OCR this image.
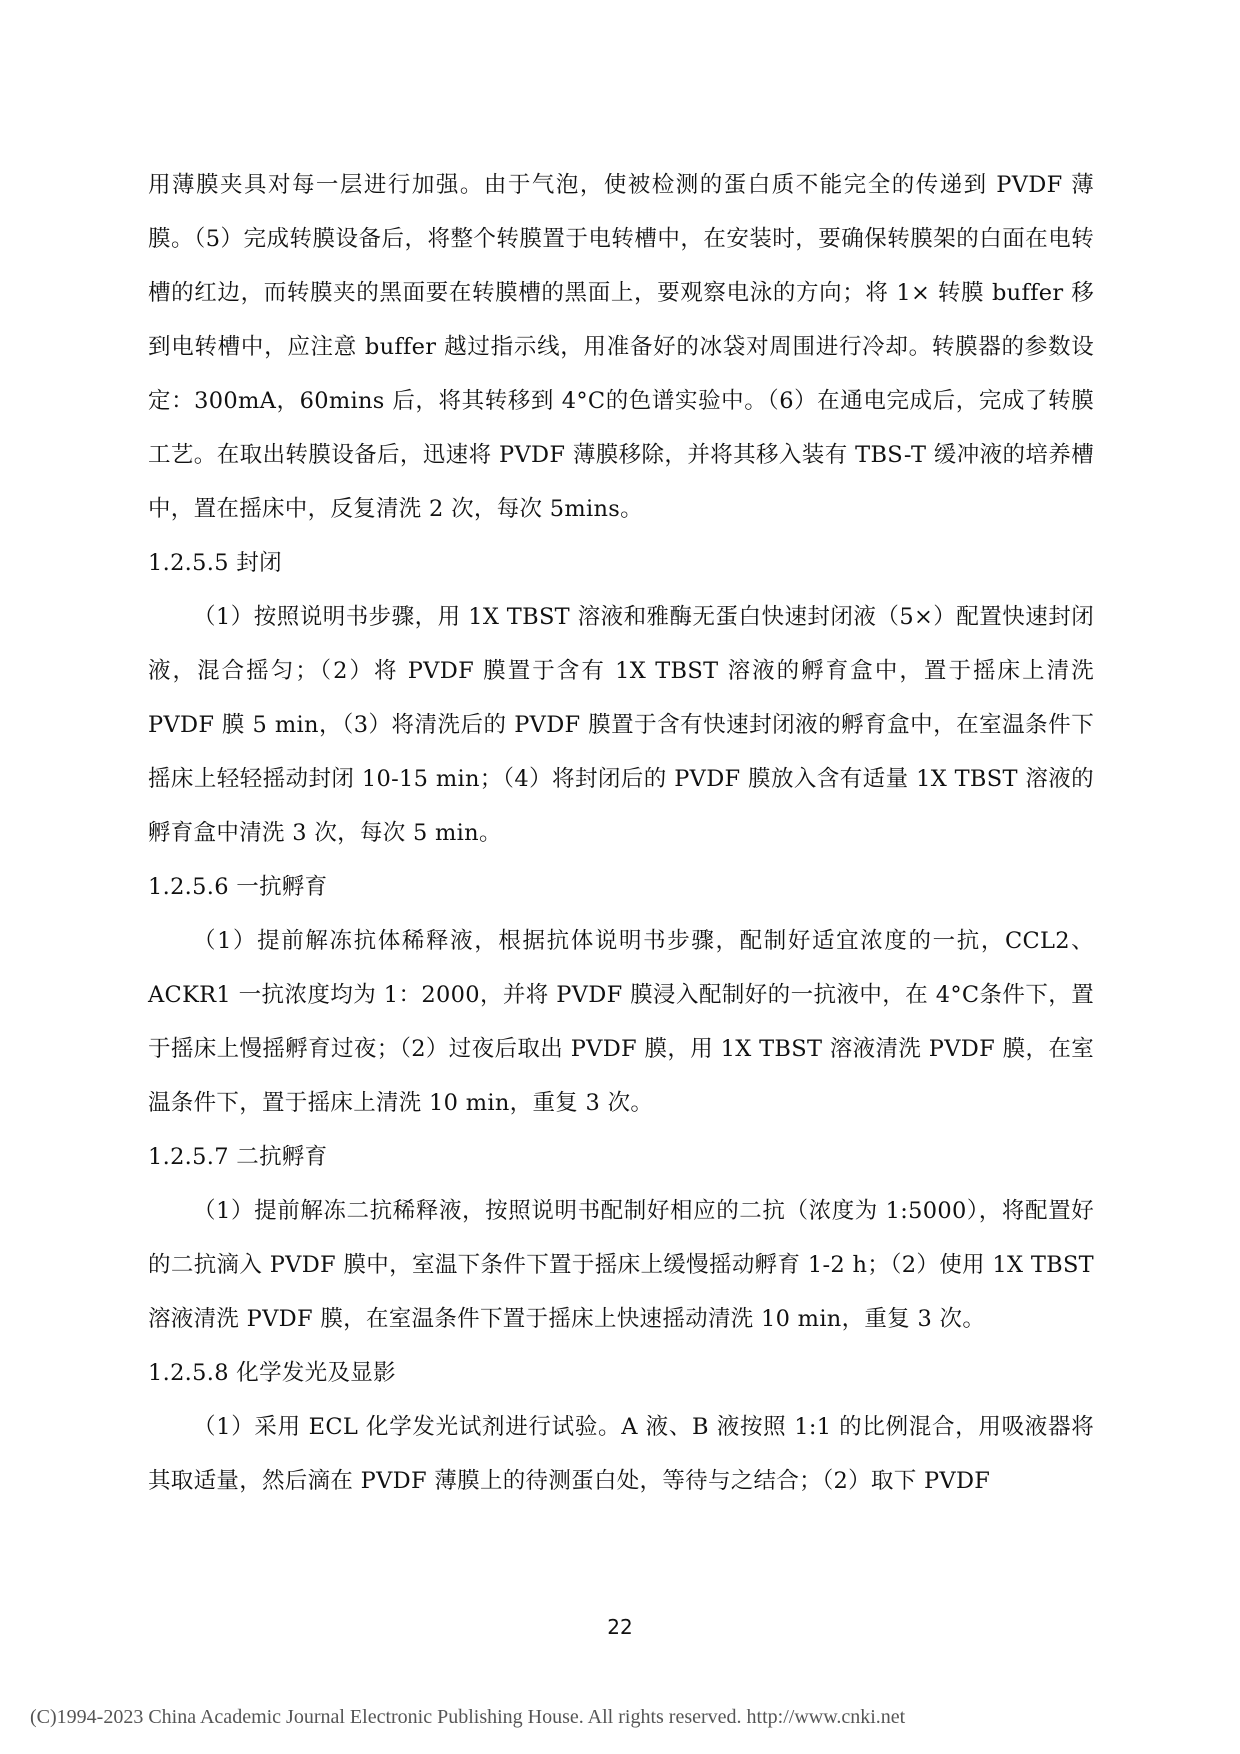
用薄膜夹具对每一层进行加强。由于气泡，使被检测的蛋白质不能完全的传递到 PVDF 薄膜。（5）完成转膜设备后，将整个转膜置于电转槽中，在安装时，要确保转膜架的白面在电转槽的红边，而转膜夹的黑面要在转膜槽的黑面上，要观察电泳的方向；将 1× 转膜 buffer 移到电转槽中，应注意 buffer 越过指示线，用准备好的冰袋对周围进行冷却。转膜器的参数设定：300mA，60mins 后，将其转移到 4°C的色谱实验中。（6）在通电完成后，完成了转膜工艺。在取出转膜设备后，迅速将 PVDF 薄膜移除，并将其移入装有 TBS-T 缓冲液的培养槽中，置在摇床中，反复清洗 2 次，每次 5mins。

1.2.5.5 封闭

（1）按照说明书步骤，用 1X TBST 溶液和雅酶无蛋白快速封闭液（5×）配置快速封闭液，混合摇匀；（2）将 PVDF 膜置于含有 1X TBST 溶液的孵育盒中，置于摇床上清洗 PVDF 膜 5 min，（3）将清洗后的 PVDF 膜置于含有快速封闭液的孵育盒中，在室温条件下摇床上轻轻摇动封闭 10-15 min；（4）将封闭后的 PVDF 膜放入含有适量 1X TBST 溶液的孵育盒中清洗 3 次，每次 5 min。

1.2.5.6 一抗孵育

（1）提前解冻抗体稀释液，根据抗体说明书步骤，配制好适宜浓度的一抗，CCL2、ACKR1 一抗浓度均为 1：2000，并将 PVDF 膜浸入配制好的一抗液中，在 4°C条件下，置于摇床上慢摇孵育过夜；（2）过夜后取出 PVDF 膜，用 1X TBST 溶液清洗 PVDF 膜，在室温条件下，置于摇床上清洗 10 min，重复 3 次。

1.2.5.7 二抗孵育

（1）提前解冻二抗稀释液，按照说明书配制好相应的二抗（浓度为 1:5000），将配置好的二抗滴入 PVDF 膜中，室温下条件下置于摇床上缓慢摇动孵育 1-2 h；（2）使用 1X TBST 溶液清洗 PVDF 膜，在室温条件下置于摇床上快速摇动清洗 10 min，重复 3 次。

1.2.5.8 化学发光及显影

（1）采用 ECL 化学发光试剂进行试验。A 液、B 液按照 1:1 的比例混合，用吸液器将其取适量，然后滴在 PVDF 薄膜上的待测蛋白处，等待与之结合；（2）取下 PVDF

22
(C)1994-2023 China Academic Journal Electronic Publishing House. All rights reserved. http://www.cnki.net
